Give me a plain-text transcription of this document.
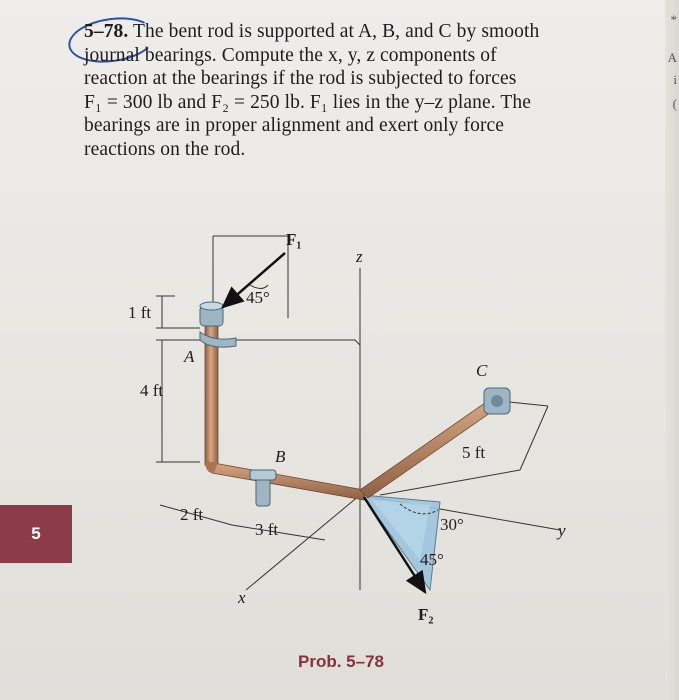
*
A
i
(
5–78. The bent rod is supported at A, B, and C by smooth
journal bearings. Compute the x, y, z components of
reaction at the bearings if the rod is subjected to forces
F₁ = 300 lb and F₂ = 250 lb. F₁ lies in the y–z plane. The
bearings are in proper alignment and exert only force
reactions on the rod.
F₁
45°
z
1 ft
A
4 ft
B
C
5 ft
2 ft
3 ft	30°	y
45°
x
F₂
Prob. 5–78
5
